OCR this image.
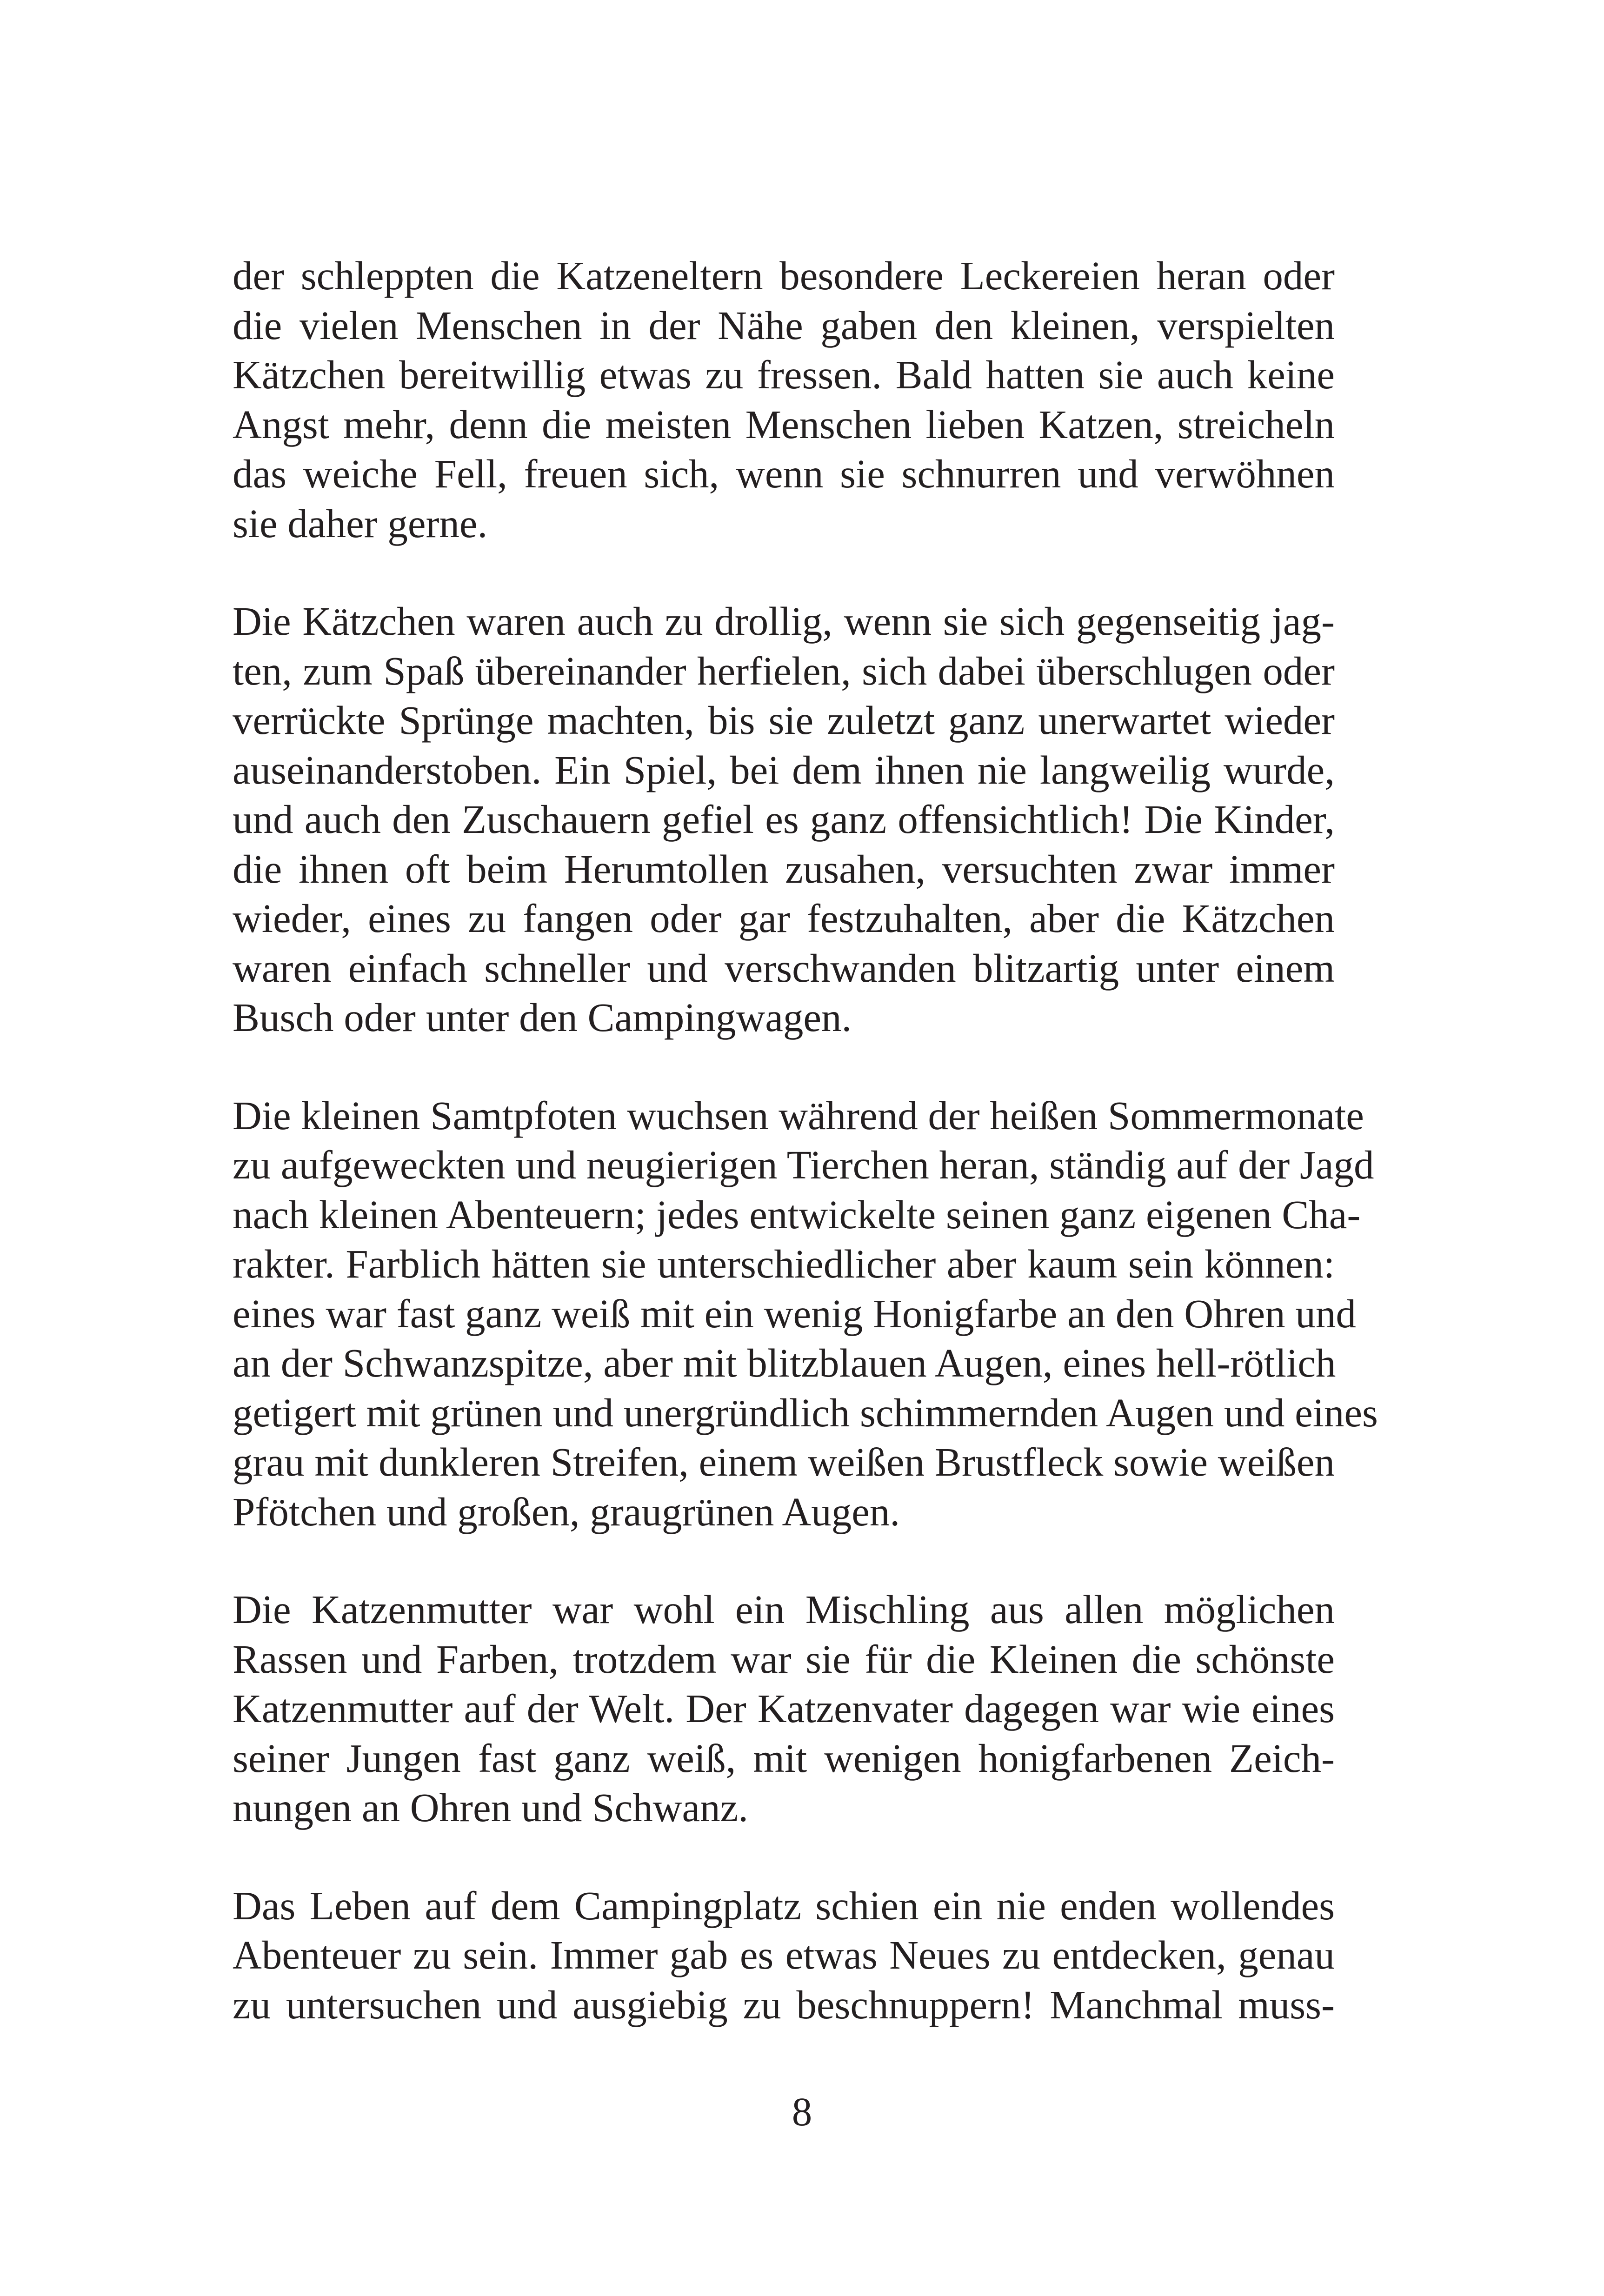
der schleppten die Katzeneltern besondere Leckereien heran oder
die vielen Menschen in der Nähe gaben den kleinen, verspielten
Kätzchen bereitwillig etwas zu fressen. Bald hatten sie auch keine
Angst mehr, denn die meisten Menschen lieben Katzen, streicheln
das weiche Fell, freuen sich, wenn sie schnurren und verwöhnen
sie daher gerne.
Die Kätzchen waren auch zu drollig, wenn sie sich gegenseitig jag-
ten, zum Spaß übereinander herfielen, sich dabei überschlugen oder
verrückte Sprünge machten, bis sie zuletzt ganz unerwartet wieder
auseinanderstoben. Ein Spiel, bei dem ihnen nie langweilig wurde,
und auch den Zuschauern gefiel es ganz offensichtlich! Die Kinder,
die ihnen oft beim Herumtollen zusahen, versuchten zwar immer
wieder, eines zu fangen oder gar festzuhalten, aber die Kätzchen
waren einfach schneller und verschwanden blitzartig unter einem
Busch oder unter den Campingwagen.
Die kleinen Samtpfoten wuchsen während der heißen Sommermonate
zu aufgeweckten und neugierigen Tierchen heran, ständig auf der Jagd
nach kleinen Abenteuern; jedes entwickelte seinen ganz eigenen Cha-
rakter. Farblich hätten sie unterschiedlicher aber kaum sein können:
eines war fast ganz weiß mit ein wenig Honigfarbe an den Ohren und
an der Schwanzspitze, aber mit blitzblauen Augen, eines hell-rötlich
getigert mit grünen und unergründlich schimmernden Augen und eines
grau mit dunkleren Streifen, einem weißen Brustfleck sowie weißen
Pfötchen und großen, graugrünen Augen.
Die Katzenmutter war wohl ein Mischling aus allen möglichen
Rassen und Farben, trotzdem war sie für die Kleinen die schönste
Katzenmutter auf der Welt. Der Katzenvater dagegen war wie eines
seiner Jungen fast ganz weiß, mit wenigen honigfarbenen Zeich-
nungen an Ohren und Schwanz.
Das Leben auf dem Campingplatz schien ein nie enden wollendes
Abenteuer zu sein. Immer gab es etwas Neues zu entdecken, genau
zu untersuchen und ausgiebig zu beschnuppern! Manchmal muss-
8
